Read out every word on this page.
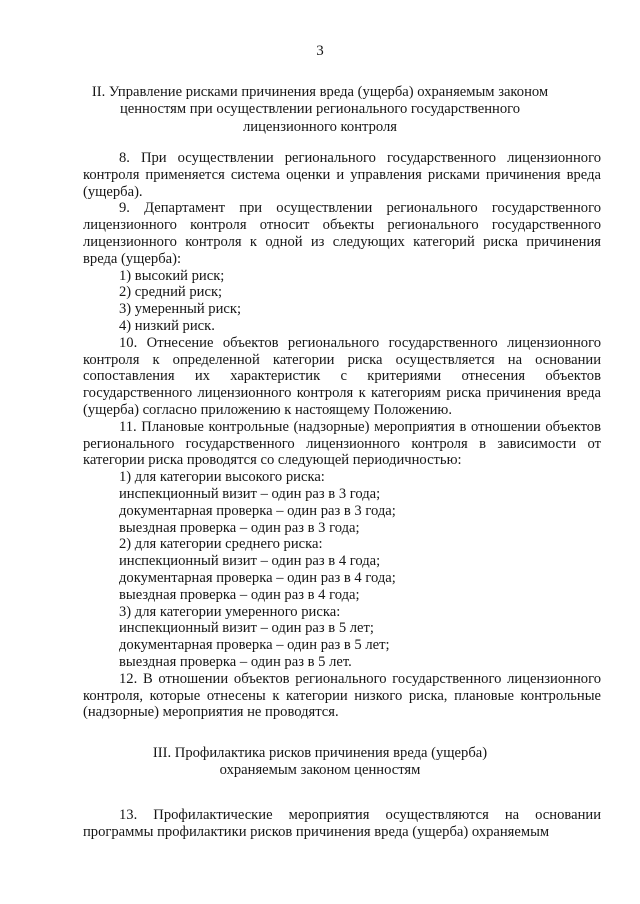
3
II. Управление рисками причинения вреда (ущерба) охраняемым законом
ценностям при осуществлении регионального государственного
лицензионного контроля

8. При осуществлении регионального государственного лицензионного контроля применяется система оценки и управления рисками причинения вреда (ущерба).

9. Департамент при осуществлении регионального государственного лицензионного контроля относит объекты регионального государственного лицензионного контроля к одной из следующих категорий риска причинения вреда (ущерба):

1) высокий риск;

2) средний риск;

3) умеренный риск;

4) низкий риск.

10. Отнесение объектов регионального государственного лицензионного контроля к определенной категории риска осуществляется на основании сопоставления их характеристик с критериями отнесения объектов государственного лицензионного контроля к категориям риска причинения вреда (ущерба) согласно приложению к настоящему Положению.

11. Плановые контрольные (надзорные) мероприятия в отношении объектов регионального государственного лицензионного контроля в зависимости от категории риска проводятся со следующей периодичностью:

1) для категории высокого риска:

инспекционный визит – один раз в 3 года;

документарная проверка – один раз в 3 года;

выездная проверка – один раз в 3 года;

2) для категории среднего риска:

инспекционный визит – один раз в 4 года;

документарная проверка – один раз в 4 года;

выездная проверка – один раз в 4 года;

3) для категории умеренного риска:

инспекционный визит – один раз в 5 лет;

документарная проверка – один раз в 5 лет;

выездная проверка – один раз в 5 лет.

12. В отношении объектов регионального государственного лицензионного контроля, которые отнесены к категории низкого риска, плановые контрольные (надзорные) мероприятия не проводятся.

III. Профилактика рисков причинения вреда (ущерба)
охраняемым законом ценностям

13. Профилактические мероприятия осуществляются на основании программы профилактики рисков причинения вреда (ущерба) охраняемым
